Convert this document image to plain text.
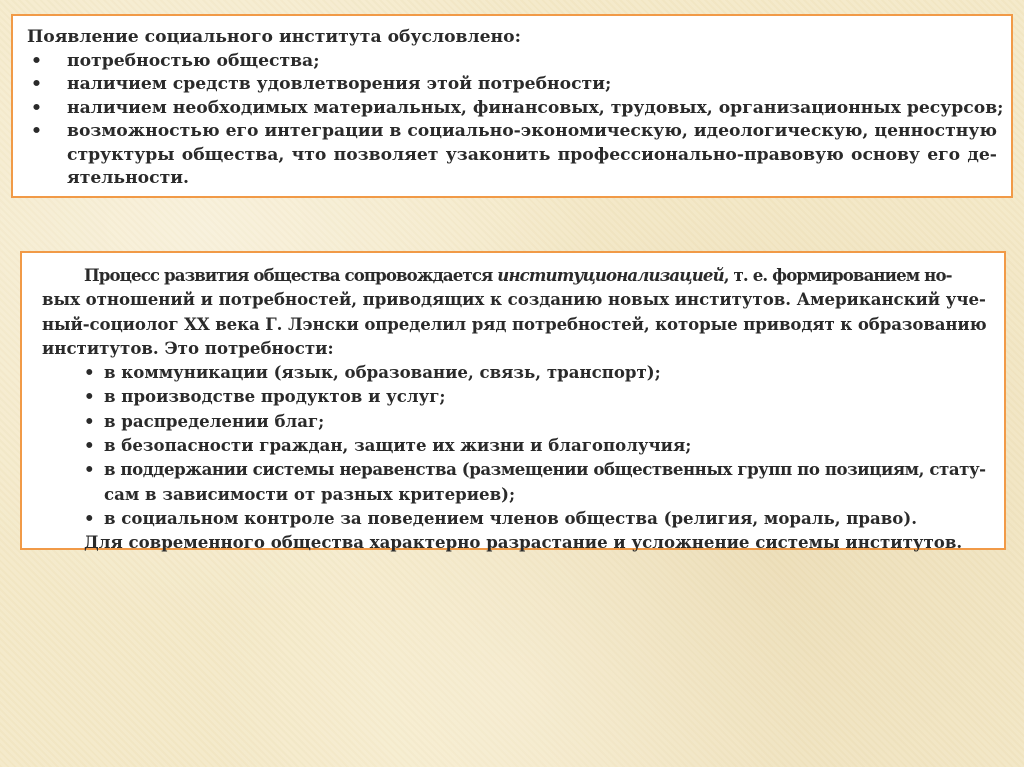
Появление социального института обусловлено:
•	потребностью общества;
•	наличием средств удовлетворения этой потребности;
•	наличием необходимых материальных, финансовых, трудовых, организационных ресурсов;
•	возможностью его интеграции в социально-экономическую, идеологическую, ценностную
структуры общества, что позволяет узаконить профессионально-правовую основу его де-
ятельности.
Процесс развития общества сопровождается институционализацией, т. е. формированием но-
вых отношений и потребностей, приводящих к созданию новых институтов. Американский уче-
ный-социолог XX века Г. Лэнски определил ряд потребностей, которые приводят к образованию
институтов. Это потребности:
• в коммуникации (язык, образование, связь, транспорт);
• в производстве продуктов и услуг;
• в распределении благ;
• в безопасности граждан, защите их жизни и благополучия;
• в поддержании системы неравенства (размещении общественных групп по позициям, стату-
сам в зависимости от разных критериев);
• в социальном контроле за поведением членов общества (религия, мораль, право).
Для современного общества характерно разрастание и усложнение системы институтов.
